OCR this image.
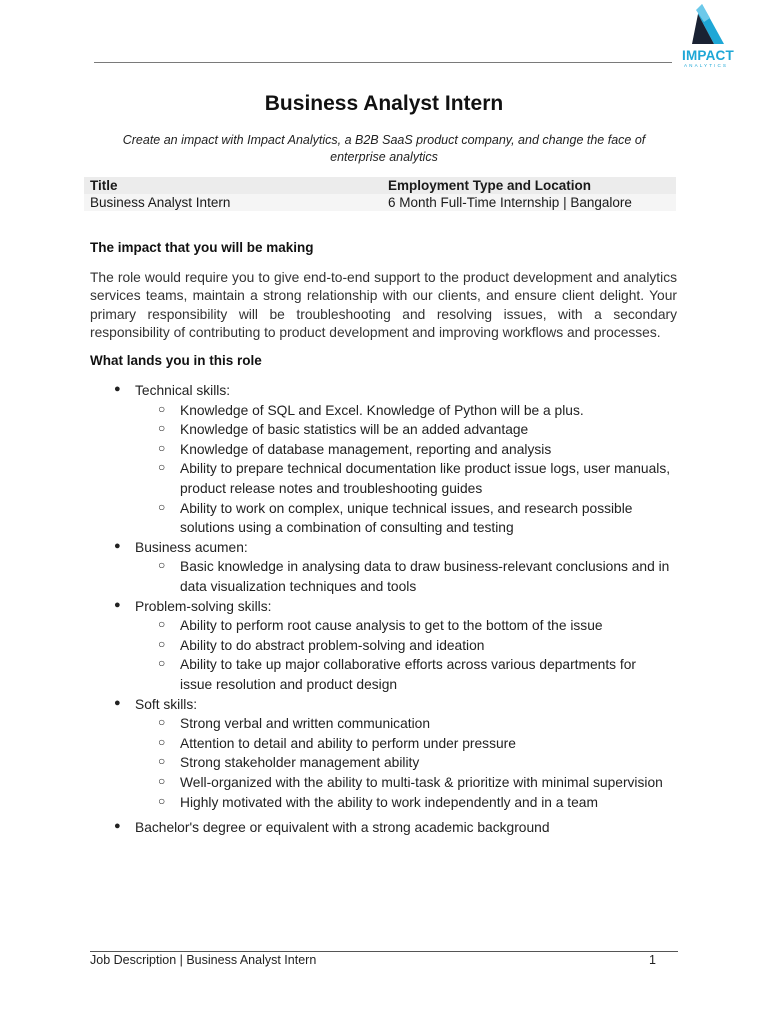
IMPACT
ANALYTICS
Business Analyst Intern
Create an impact with Impact Analytics, a B2B SaaS product company, and change the face of enterprise analytics
Title	Employment Type and Location
Business Analyst Intern	6 Month Full-Time Internship | Bangalore
The impact that you will be making
The role would require you to give end-to-end support to the product development and analytics services teams, maintain a strong relationship with our clients, and ensure client delight. Your primary responsibility will be troubleshooting and resolving issues, with a secondary responsibility of contributing to product development and improving workflows and processes.
What lands you in this role
● Technical skills:
○ Knowledge of SQL and Excel. Knowledge of Python will be a plus.
○ Knowledge of basic statistics will be an added advantage
○ Knowledge of database management, reporting and analysis
○ Ability to prepare technical documentation like product issue logs, user manuals,
product release notes and troubleshooting guides
○ Ability to work on complex, unique technical issues, and research possible
solutions using a combination of consulting and testing
● Business acumen:
○ Basic knowledge in analysing data to draw business-relevant conclusions and in
data visualization techniques and tools
● Problem-solving skills:
○ Ability to perform root cause analysis to get to the bottom of the issue
○ Ability to do abstract problem-solving and ideation
○ Ability to take up major collaborative efforts across various departments for
issue resolution and product design
● Soft skills:
○ Strong verbal and written communication
○ Attention to detail and ability to perform under pressure
○ Strong stakeholder management ability
○ Well-organized with the ability to multi-task & prioritize with minimal supervision
○ Highly motivated with the ability to work independently and in a team
● Bachelor's degree or equivalent with a strong academic background
Job Description | Business Analyst Intern	1
